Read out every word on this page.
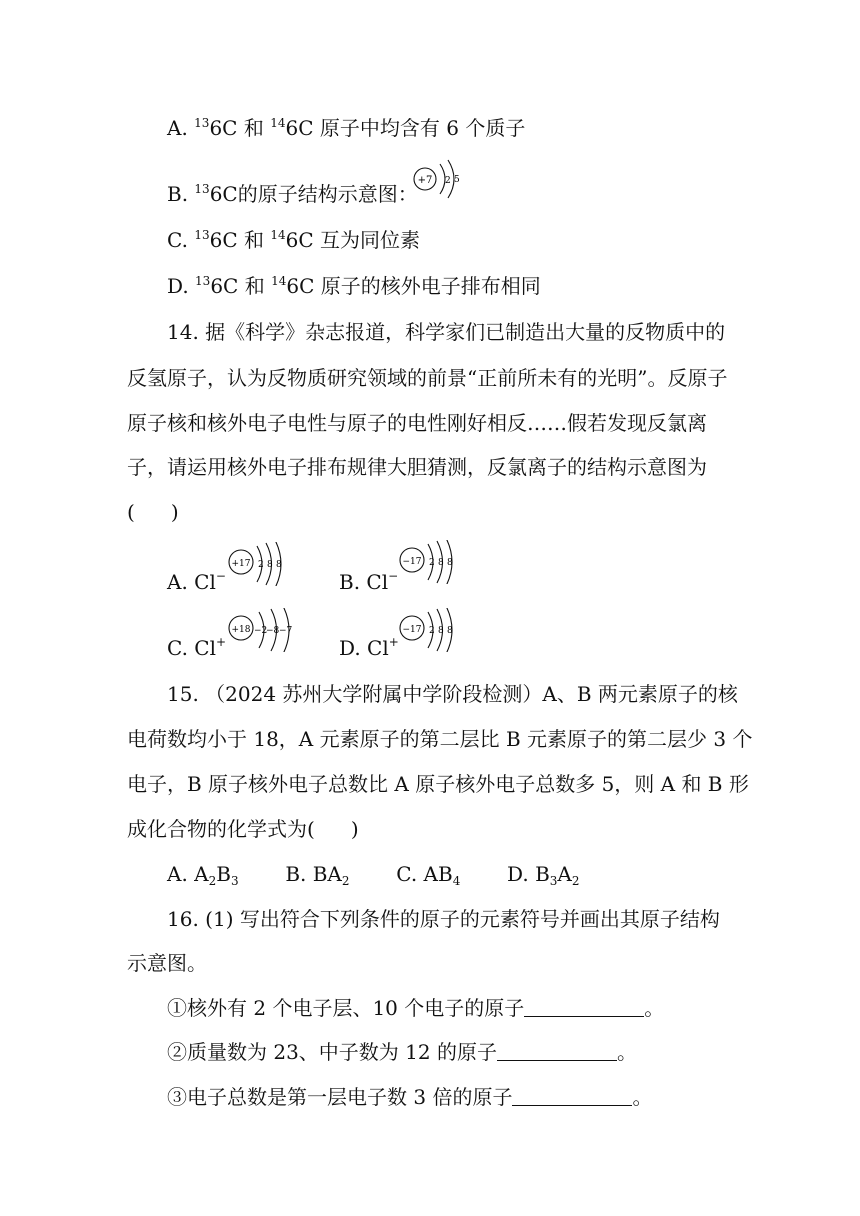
A. $^{13}$6C 和 $^{14}$6C 原子中均含有 6 个质子
B. $^{13}$6C的原子结构示意图：
+7 2 5
C. $^{13}$6C 和 $^{14}$6C 互为同位素
D. $^{13}$6C 和 $^{14}$6C 原子的核外电子排布相同
14. 据《科学》杂志报道，科学家们已制造出大量的反物质中的
反氢原子，认为反物质研究领域的前景“正前所未有的光明”。反原子
原子核和核外电子电性与原子的电性刚好相反……假若发现反氯离
子，请运用核外电子排布规律大胆猜测，反氯离子的结构示意图为
( )
A. Cl−
+17 2 8 8
B. Cl−
−17 2 8 8
C. Cl+
+18 −2
−8 −7
D. Cl+
−17 2 8 8
15. （2024 苏州大学附属中学阶段检测）A、B 两元素原子的核
电荷数均小于 18，A 元素原子的第二层比 B 元素原子的第二层少 3 个
电子，B 原子核外电子总数比 A 原子核外电子总数多 5，则 A 和 B 形
成化合物的化学式为( )
A. $A_2B_3$ B. $BA_2$ C. $AB_4$ D. $B_3A_2$
16. (1) 写出符合下列条件的原子的元素符号并画出其原子结构
示意图。
①核外有 2 个电子层、10 个电子的原子	。
②质量数为 23、中子数为 12 的原子	。
③电子总数是第一层电子数 3 倍的原子	。
